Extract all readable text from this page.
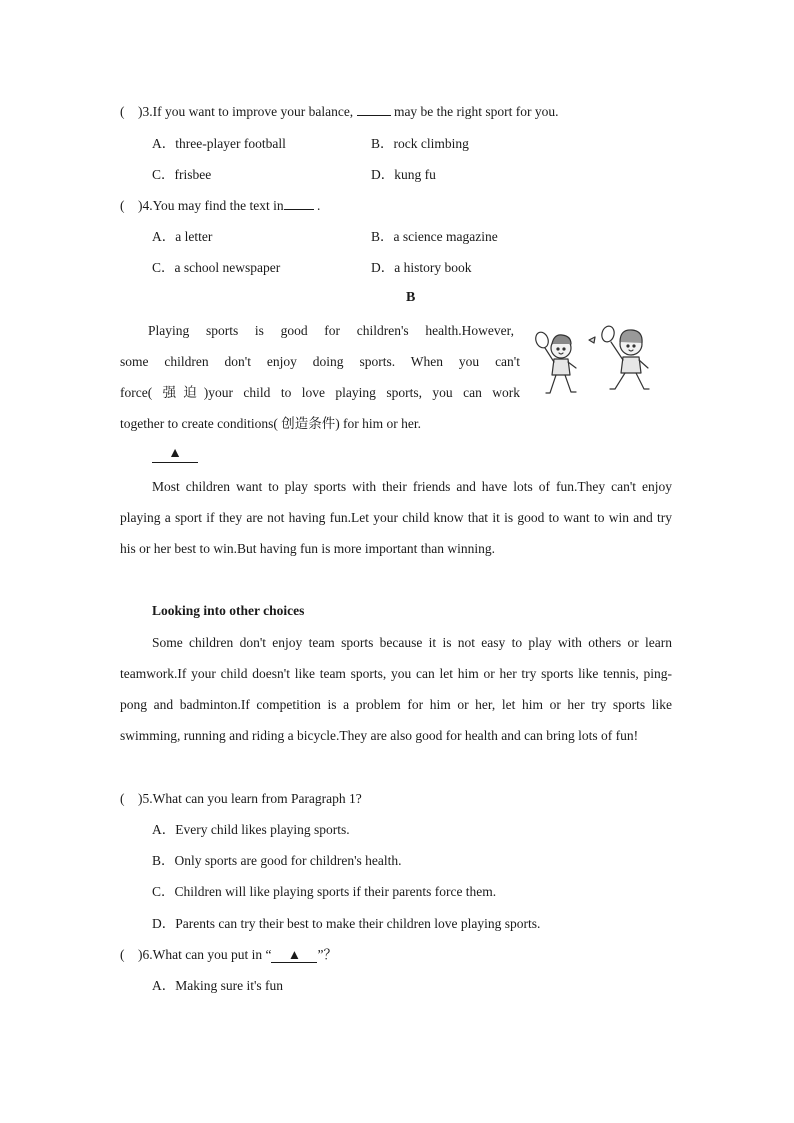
(　)3.If you want to improve your balance,	may be the right sport for you.
A．three-player football	B．rock climbing
C．frisbee	D．kung fu
(　)4.You may find the text in .
A．a letter	B．a science magazine
C．a school newspaper	D．a history book
B
Playing sports is good for children's health.However,
some children don't enjoy doing sports. When you can't
force( 强迫)your child to love playing sports, you can work
together to create conditions( 创造条件) for him or her.
▲
Most children want to play sports with their friends and have lots of fun.They can't enjoy playing a sport if they are not having fun.Let your child know that it is good to want to win and try his or her best to win.But having fun is more important than winning.
Looking into other choices
Some children don't enjoy team sports because it is not easy to play with others or learn teamwork.If your child doesn't like team sports, you can let him or her try sports like tennis, ping-pong and badminton.If competition is a problem for him or her, let him or her try sports like swimming, running and riding a bicycle.They are also good for health and can bring lots of fun!
(　)5.What can you learn from Paragraph 1?
A．Every child likes playing sports.
B．Only sports are good for children's health.
C．Children will like playing sports if their parents force them.
D．Parents can try their best to make their children love playing sports.
(　)6.What can you put in “ ▲ ”？
A．Making sure it's fun
